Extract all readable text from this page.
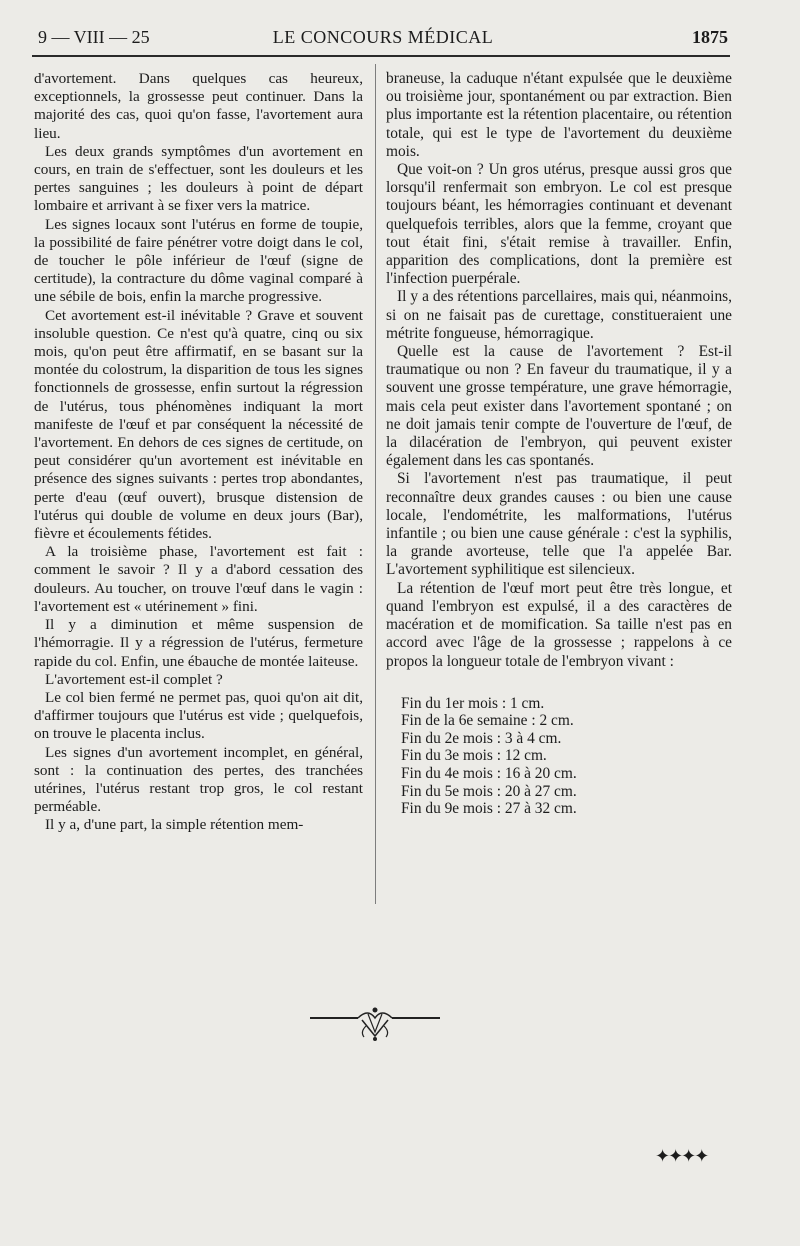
9 — VIII — 25	LE CONCOURS MÉDICAL	1875

d'avortement. Dans quelques cas heureux, exceptionnels, la grossesse peut continuer. Dans la majorité des cas, quoi qu'on fasse, l'avortement aura lieu.

Les deux grands symptômes d'un avortement en cours, en train de s'effectuer, sont les douleurs et les pertes sanguines ; les douleurs à point de départ lombaire et arrivant à se fixer vers la matrice.

Les signes locaux sont l'utérus en forme de toupie, la possibilité de faire pénétrer votre doigt dans le col, de toucher le pôle inférieur de l'œuf (signe de certitude), la contracture du dôme vaginal comparé à une sébile de bois, enfin la marche progressive.

Cet avortement est-il inévitable ? Grave et souvent insoluble question. Ce n'est qu'à quatre, cinq ou six mois, qu'on peut être affirmatif, en se basant sur la montée du colostrum, la disparition de tous les signes fonctionnels de grossesse, enfin surtout la régression de l'utérus, tous phénomènes indiquant la mort manifeste de l'œuf et par conséquent la nécessité de l'avortement. En dehors de ces signes de certitude, on peut considérer qu'un avortement est inévitable en présence des signes suivants : pertes trop abondantes, perte d'eau (œuf ouvert), brusque distension de l'utérus qui double de volume en deux jours (Bar), fièvre et écoulements fétides.

A la troisième phase, l'avortement est fait : comment le savoir ? Il y a d'abord cessation des douleurs. Au toucher, on trouve l'œuf dans le vagin : l'avortement est « utérinement » fini.

Il y a diminution et même suspension de l'hémorragie. Il y a régression de l'utérus, fermeture rapide du col. Enfin, une ébauche de montée laiteuse.

L'avortement est-il complet ?

Le col bien fermé ne permet pas, quoi qu'on ait dit, d'affirmer toujours que l'utérus est vide ; quelquefois, on trouve le placenta inclus.

Les signes d'un avortement incomplet, en général, sont : la continuation des pertes, des tranchées utérines, l'utérus restant trop gros, le col restant perméable.

Il y a, d'une part, la simple rétention mem-

braneuse, la caduque n'étant expulsée que le deuxième ou troisième jour, spontanément ou par extraction. Bien plus importante est la rétention placentaire, ou rétention totale, qui est le type de l'avortement du deuxième mois.

Que voit-on ? Un gros utérus, presque aussi gros que lorsqu'il renfermait son embryon. Le col est presque toujours béant, les hémorragies continuant et devenant quelquefois terribles, alors que la femme, croyant que tout était fini, s'était remise à travailler. Enfin, apparition des complications, dont la première est l'infection puerpérale.

Il y a des rétentions parcellaires, mais qui, néanmoins, si on ne faisait pas de curettage, constitueraient une métrite fongueuse, hémorragique.

Quelle est la cause de l'avortement ? Est-il traumatique ou non ? En faveur du traumatique, il y a souvent une grosse température, une grave hémorragie, mais cela peut exister dans l'avortement spontané ; on ne doit jamais tenir compte de l'ouverture de l'œuf, de la dilacération de l'embryon, qui peuvent exister également dans les cas spontanés.

Si l'avortement n'est pas traumatique, il peut reconnaître deux grandes causes : ou bien une cause locale, l'endométrite, les malformations, l'utérus infantile ; ou bien une cause générale : c'est la syphilis, la grande avorteuse, telle que l'a appelée Bar. L'avortement syphilitique est silencieux.

La rétention de l'œuf mort peut être très longue, et quand l'embryon est expulsé, il a des caractères de macération et de momification. Sa taille n'est pas en accord avec l'âge de la grossesse ; rappelons à ce propos la longueur totale de l'embryon vivant :

Fin du 1er mois : 1 cm.
Fin de la 6e semaine : 2 cm.
Fin du 2e mois : 3 à 4 cm.
Fin du 3e mois : 12 cm.
Fin du 4e mois : 16 à 20 cm.
Fin du 5e mois : 20 à 27 cm.
Fin du 9e mois : 27 à 32 cm.
✦✦✦✦
